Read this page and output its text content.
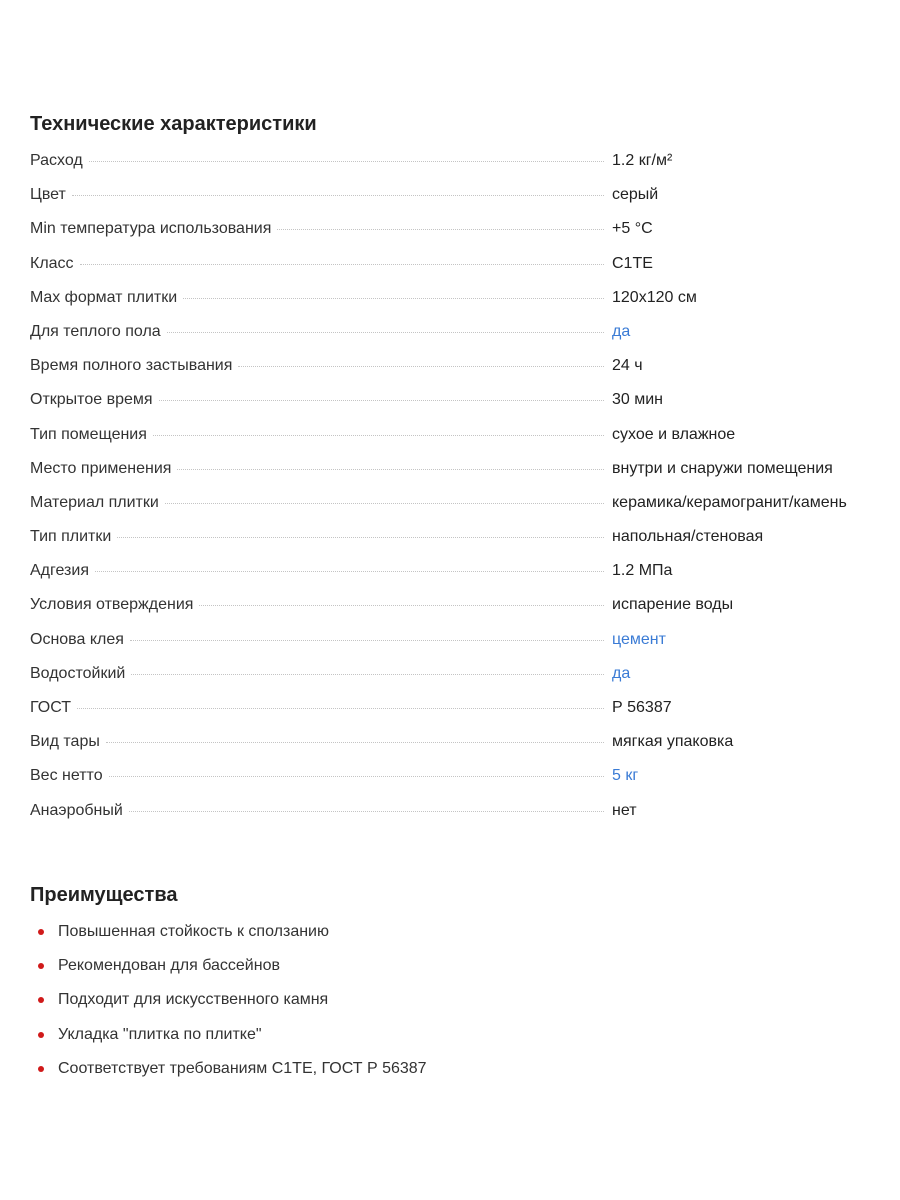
Технические характеристики
Расход	1.2 кг/м²
Цвет	серый
Min температура использования	+5 °C
Класс	C1TE
Max формат плитки	120x120 см
Для теплого пола	да
Время полного застывания	24 ч
Открытое время	30 мин
Тип помещения	сухое и влажное
Место применения	внутри и снаружи помещения
Материал плитки	керамика/керамогранит/камень
Тип плитки	напольная/стеновая
Адгезия	1.2 МПа
Условия отверждения	испарение воды
Основа клея	цемент
Водостойкий	да
ГОСТ	Р 56387
Вид тары	мягкая упаковка
Вес нетто	5 кг
Анаэробный	нет
Преимущества
Повышенная стойкость к сползанию
Рекомендован для бассейнов
Подходит для искусственного камня
Укладка "плитка по плитке"
Соответствует требованиям C1TE, ГОСТ Р 56387
